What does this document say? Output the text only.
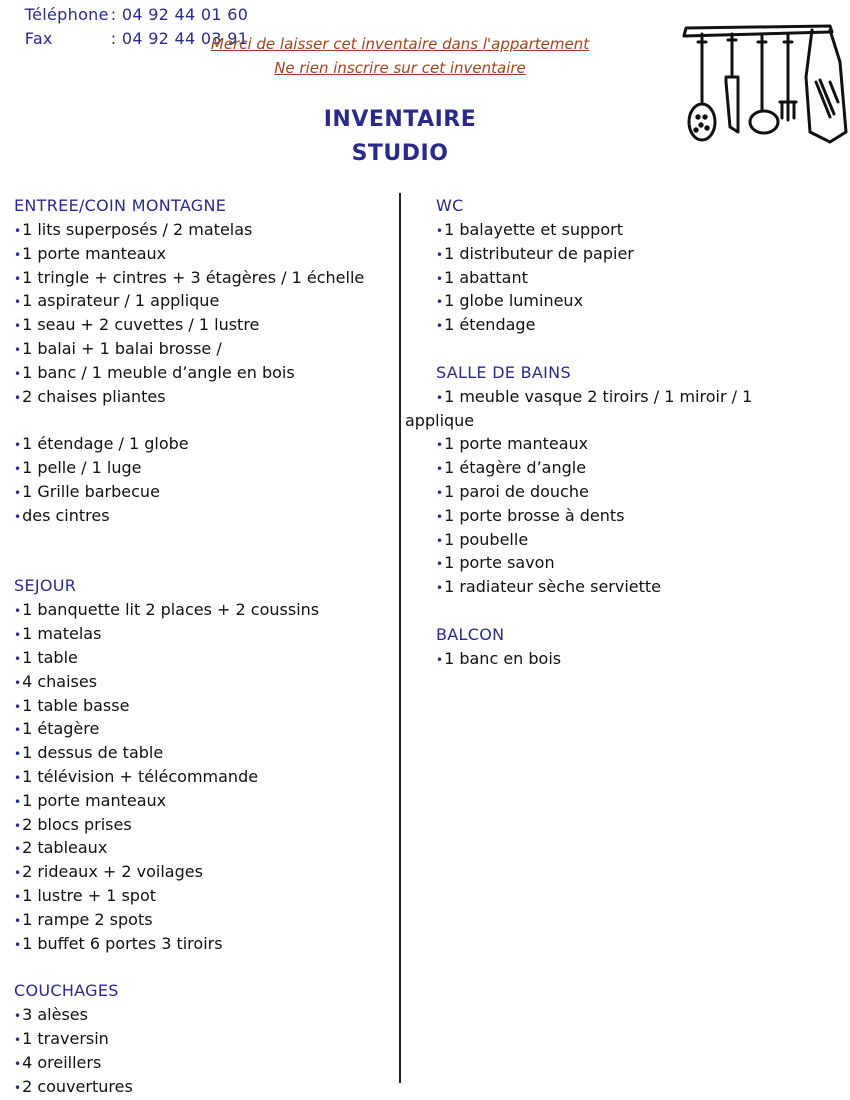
Téléphone : 04 92 44 01 60

Fax	: 04 92 44 03 91

Merci de laisser cet inventaire dans l'appartement
Ne rien inscrire sur cet inventaire
INVENTAIRE
STUDIO
ENTREE/COIN MONTAGNE
•1 lits superposés / 2 matelas
•1 porte manteaux
•1 tringle + cintres + 3 étagères / 1 échelle
•1 aspirateur / 1 applique
•1 seau + 2 cuvettes / 1 lustre
•1 balai + 1 balai brosse /
•1 banc / 1 meuble d’angle en bois
•2 chaises pliantes
•1 étendage / 1 globe
•1 pelle / 1 luge
•1 Grille barbecue
•des cintres
SEJOUR
•1 banquette lit 2 places + 2 coussins
•1 matelas
•1 table
•4 chaises
•1 table basse
•1 étagère
•1 dessus de table
•1 télévision + télécommande
•1 porte manteaux
•2 blocs prises
•2 tableaux
•2 rideaux + 2 voilages
•1 lustre + 1 spot
•1 rampe 2 spots
•1 buffet 6 portes 3 tiroirs
COUCHAGES
•3 alèses
•1 traversin
•4 oreillers
•2 couvertures
WC
•1 balayette et support
•1 distributeur de papier
•1 abattant
•1 globe lumineux
•1 étendage
SALLE DE BAINS
•1 meuble vasque 2 tiroirs / 1 miroir / 1
applique
•1 porte manteaux
•1 étagère d’angle
•1 paroi de douche
•1 porte brosse à dents
•1 poubelle
•1 porte savon
•1 radiateur sèche serviette
BALCON
•1 banc en bois
